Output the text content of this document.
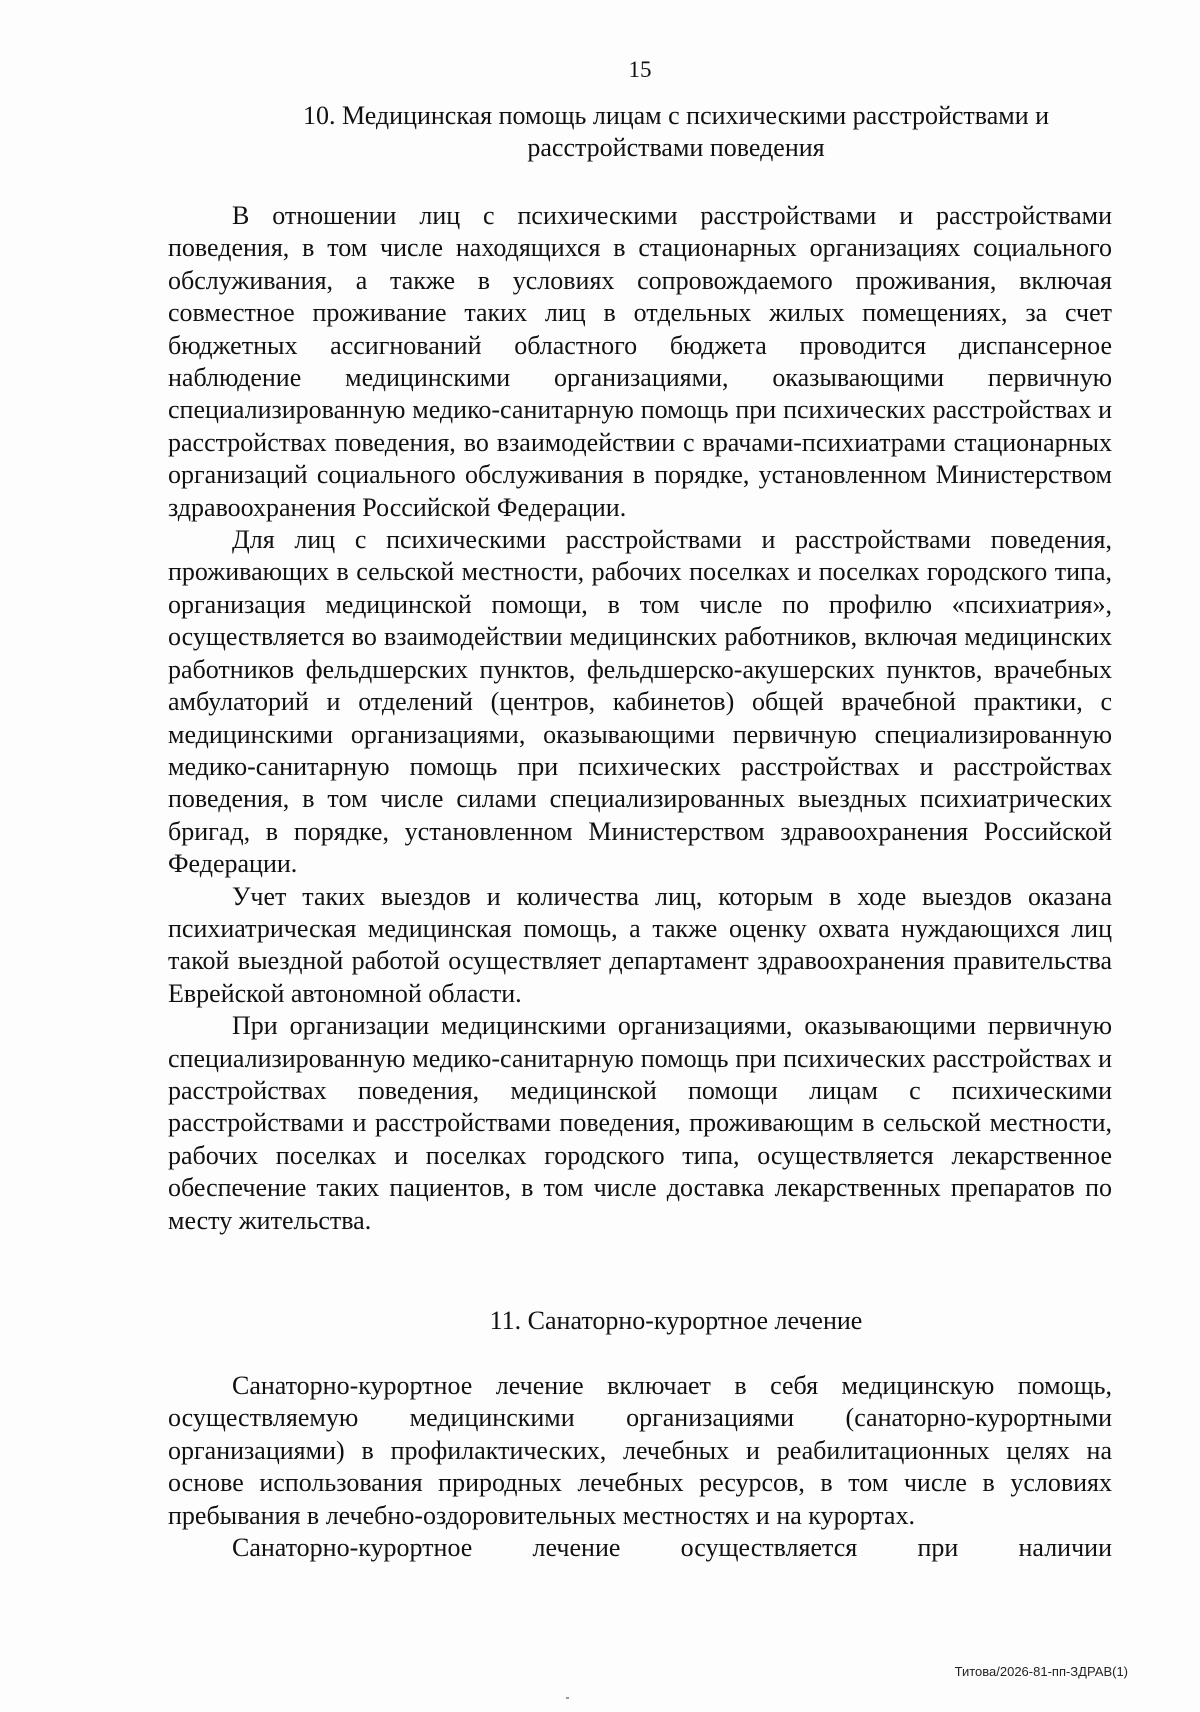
15
10. Медицинская помощь лицам с психическими расстройствами и
расстройствами поведения

В отношении лиц с психическими расстройствами и расстройствами поведения, в том числе находящихся в стационарных организациях социального обслуживания, а также в условиях сопровождаемого проживания, включая совместное проживание таких лиц в отдельных жилых помещениях, за счет бюджетных ассигнований областного бюджета проводится диспансерное наблюдение медицинскими организациями, оказывающими первичную специализированную медико-санитарную помощь при психических расстройствах и расстройствах поведения, во взаимодействии с врачами-психиатрами стационарных организаций социального обслуживания в порядке, установленном Министерством здравоохранения Российской Федерации.

Для лиц с психическими расстройствами и расстройствами поведения, проживающих в сельской местности, рабочих поселках и поселках городского типа, организация медицинской помощи, в том числе по профилю «психиатрия», осуществляется во взаимодействии медицинских работников, включая медицинских работников фельдшерских пунктов, фельдшерско-акушерских пунктов, врачебных амбулаторий и отделений (центров, кабинетов) общей врачебной практики, с медицинскими организациями, оказывающими первичную специализированную медико-санитарную помощь при психических расстройствах и расстройствах поведения, в том числе силами специализированных выездных психиатрических бригад, в порядке, установленном Министерством здравоохранения Российской Федерации.

Учет таких выездов и количества лиц, которым в ходе выездов оказана психиатрическая медицинская помощь, а также оценку охвата нуждающихся лиц такой выездной работой осуществляет департамент здравоохранения правительства Еврейской автономной области.

При организации медицинскими организациями, оказывающими первичную специализированную медико-санитарную помощь при психических расстройствах и расстройствах поведения, медицинской помощи лицам с психическими расстройствами и расстройствами поведения, проживающим в сельской местности, рабочих поселках и поселках городского типа, осуществляется лекарственное обеспечение таких пациентов, в том числе доставка лекарственных препаратов по месту жительства.

11. Санаторно-курортное лечение

Санаторно-курортное лечение включает в себя медицинскую помощь, осуществляемую медицинскими организациями (санаторно-курортными организациями) в профилактических, лечебных и реабилитационных целях на основе использования природных лечебных ресурсов, в том числе в условиях пребывания в лечебно-оздоровительных местностях и на курортах.

Санаторно-курортное лечение осуществляется при наличии

Титова/2026-81-пп-ЗДРАВ(1)
